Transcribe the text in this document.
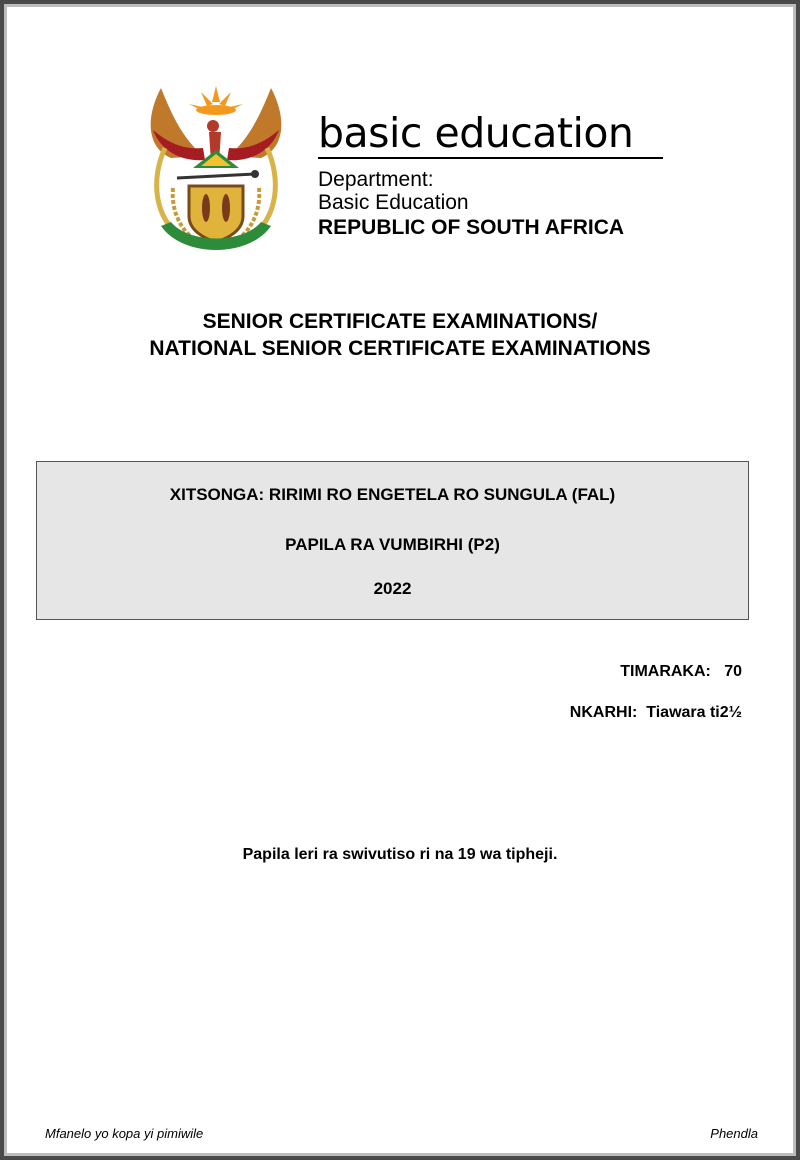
basic education
Department:
Basic Education
REPUBLIC OF SOUTH AFRICA
SENIOR CERTIFICATE EXAMINATIONS/
NATIONAL SENIOR CERTIFICATE EXAMINATIONS
XITSONGA: RIRIMI RO ENGETELA RO SUNGULA (FAL)
PAPILA RA VUMBIRHI (P2)
2022
TIMARAKA:   70
NKARHI:  Tiawara ti2½
Papila leri ra swivutiso ri na 19 wa tipheji.
Mfanelo yo kopa yi pimiwile	Phendla
